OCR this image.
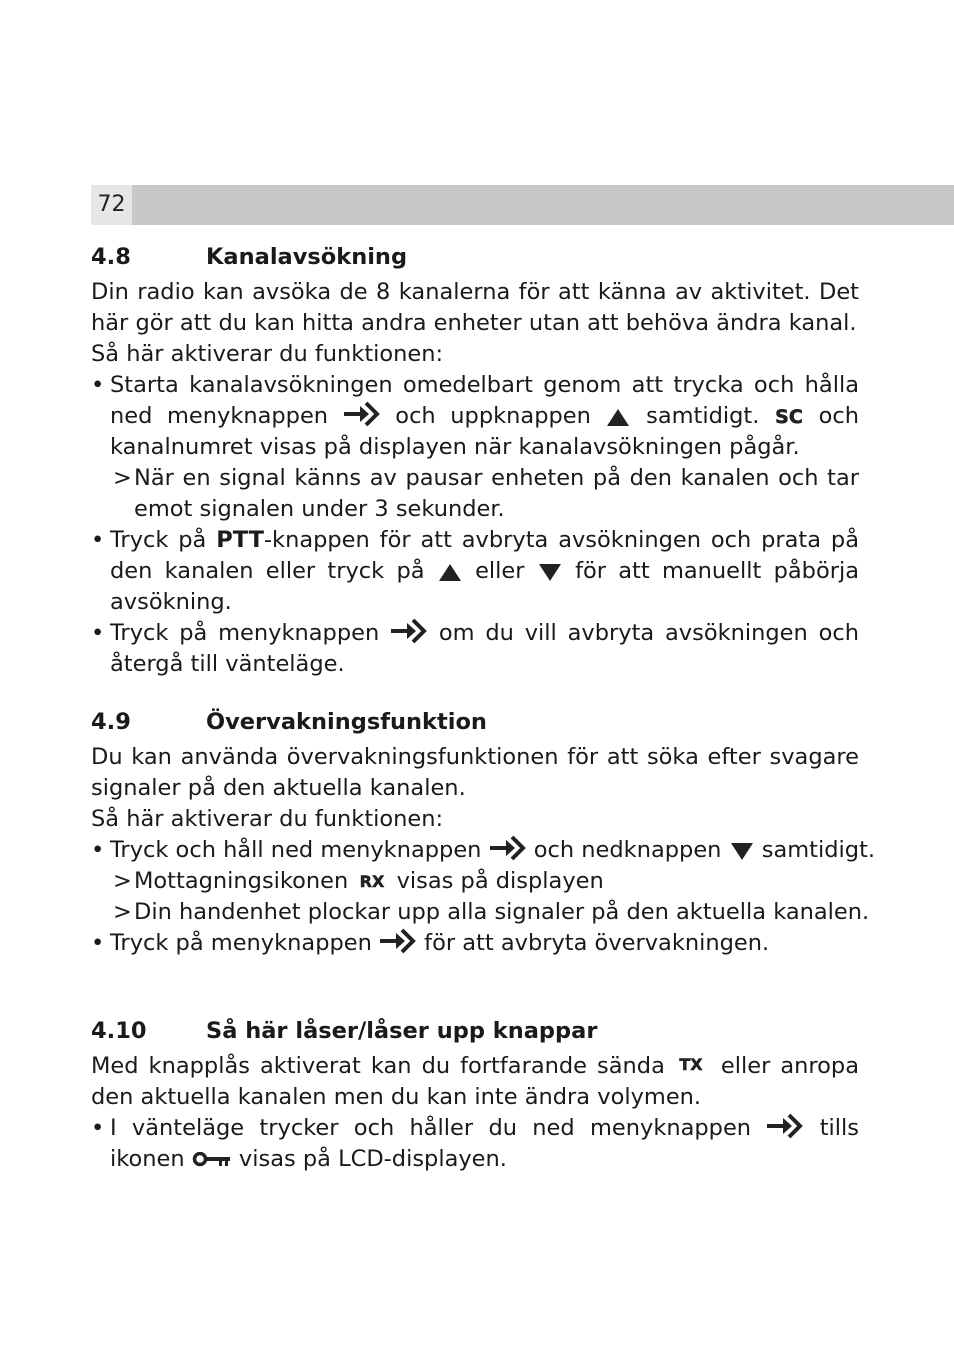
72
4.8	Kanalavsökning
Din radio kan avsöka de 8 kanalerna för att känna av aktivitet. Det här gör att du kan hitta andra enheter utan att behöva ändra kanal.
Så här aktiverar du funktionen:
• Starta kanalavsökningen omedelbart genom att trycka och hålla ned menyknappen	och uppknappen samtidigt. SC och kanalnumret visas på displayen när kanalavsökningen pågår.
> När en signal känns av pausar enheten på den kanalen och tar emot signalen under 3 sekunder.
• Tryck på PTT-knappen för att avbryta avsökningen och prata på den kanalen eller tryck på eller för att manuellt påbörja avsökning.
• Tryck på menyknappen	om du vill avbryta avsökningen och återgå till vänteläge.
4.9	Övervakningsfunktion
Du kan använda övervakningsfunktionen för att söka efter svagare signaler på den aktuella kanalen.
Så här aktiverar du funktionen:
• Tryck och håll ned menyknappen och nedknappen samtidigt.
> Mottagningsikonen RX visas på displayen
> Din handenhet plockar upp alla signaler på den aktuella kanalen.
• Tryck på menyknappen för att avbryta övervakningen.
4.10	Så här låser/låser upp knappar
Med knapplås aktiverat kan du fortfarande sända TX eller anropa den aktuella kanalen men du kan inte ändra volymen.
• I vänteläge trycker och håller du ned menyknappen	tills ikonen visas på LCD-displayen.
